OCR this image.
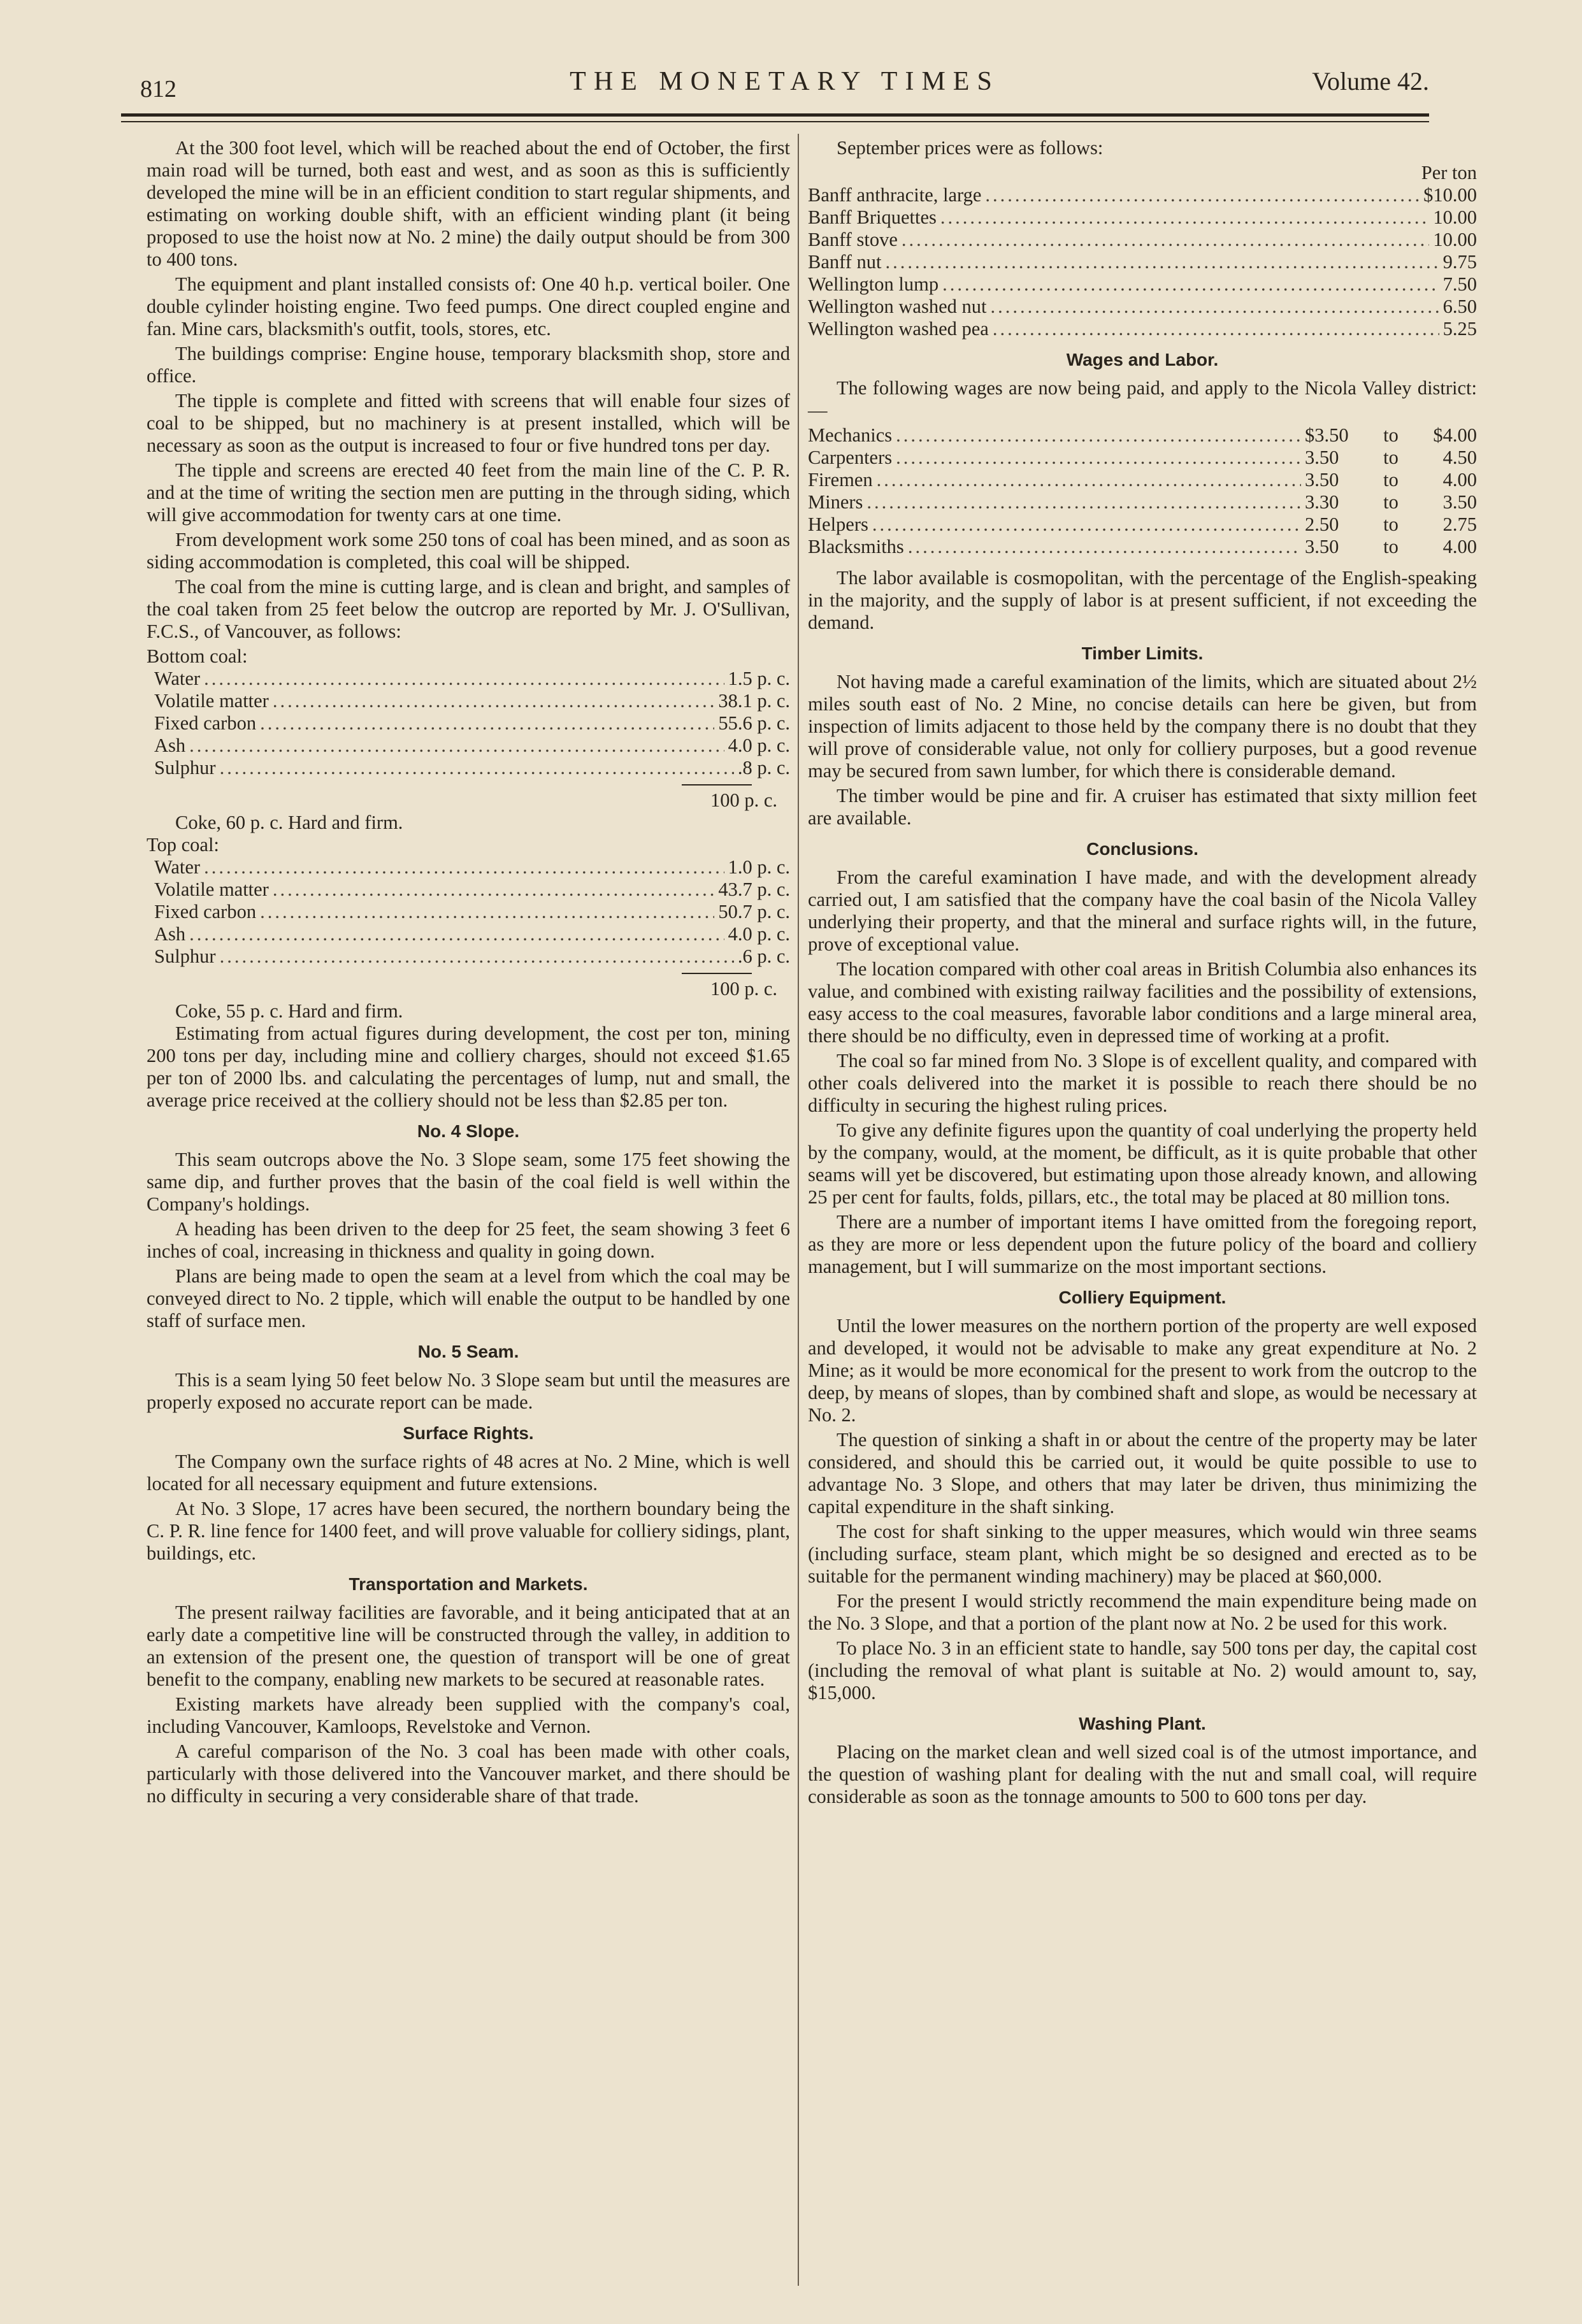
812	THE MONETARY TIMES	Volume 42.

At the 300 foot level, which will be reached about the end of October, the first main road will be turned, both east and west, and as soon as this is sufficiently developed the mine will be in an efficient condition to start regular shipments, and estimating on working double shift, with an efficient winding plant (it being proposed to use the hoist now at No. 2 mine) the daily output should be from 300 to 400 tons.

The equipment and plant installed consists of: One 40 h.p. vertical boiler. One double cylinder hoisting engine. Two feed pumps. One direct coupled engine and fan. Mine cars, blacksmith's outfit, tools, stores, etc.

The buildings comprise: Engine house, temporary blacksmith shop, store and office.

The tipple is complete and fitted with screens that will enable four sizes of coal to be shipped, but no machinery is at present installed, which will be necessary as soon as the output is increased to four or five hundred tons per day.

The tipple and screens are erected 40 feet from the main line of the C. P. R. and at the time of writing the section men are putting in the through siding, which will give accommodation for twenty cars at one time.

From development work some 250 tons of coal has been mined, and as soon as siding accommodation is completed, this coal will be shipped.

The coal from the mine is cutting large, and is clean and bright, and samples of the coal taken from 25 feet below the outcrop are reported by Mr. J. O'Sullivan, F.C.S., of Vancouver, as follows:

Bottom coal:
Water .....	1.5 p. c.
Volatile matter .....	38.1 p. c.
Fixed carbon .....	55.6 p. c.
Ash .....	4.0 p. c.
Sulphur .....	.8 p. c.
100 p. c.
Coke, 60 p. c. Hard and firm.
Top coal:
Water .....	1.0 p. c.
Volatile matter .....	43.7 p. c.
Fixed carbon .....	50.7 p. c.
Ash .....	4.0 p. c.
Sulphur .....	.6 p. c.
100 p. c.
Coke, 55 p. c. Hard and firm.

Estimating from actual figures during development, the cost per ton, mining 200 tons per day, including mine and colliery charges, should not exceed $1.65 per ton of 2000 lbs. and calculating the percentages of lump, nut and small, the average price received at the colliery should not be less than $2.85 per ton.

No. 4 Slope.

This seam outcrops above the No. 3 Slope seam, some 175 feet showing the same dip, and further proves that the basin of the coal field is well within the Company's holdings.

A heading has been driven to the deep for 25 feet, the seam showing 3 feet 6 inches of coal, increasing in thickness and quality in going down.

Plans are being made to open the seam at a level from which the coal may be conveyed direct to No. 2 tipple, which will enable the output to be handled by one staff of surface men.

No. 5 Seam.

This is a seam lying 50 feet below No. 3 Slope seam but until the measures are properly exposed no accurate report can be made.

Surface Rights.

The Company own the surface rights of 48 acres at No. 2 Mine, which is well located for all necessary equipment and future extensions.

At No. 3 Slope, 17 acres have been secured, the northern boundary being the C. P. R. line fence for 1400 feet, and will prove valuable for colliery sidings, plant, buildings, etc.

Transportation and Markets.

The present railway facilities are favorable, and it being anticipated that at an early date a competitive line will be constructed through the valley, in addition to an extension of the present one, the question of transport will be one of great benefit to the company, enabling new markets to be secured at reasonable rates.

Existing markets have already been supplied with the company's coal, including Vancouver, Kamloops, Revelstoke and Vernon.

A careful comparison of the No. 3 coal has been made with other coals, particularly with those delivered into the Vancouver market, and there should be no difficulty in securing a very considerable share of that trade.

September prices were as follows:

Per ton
Banff anthracite, large .....	$10.00
Banff Briquettes .....	10.00
Banff stove .....	10.00
Banff nut .....	9.75
Wellington lump .....	7.50
Wellington washed nut .....	6.50
Wellington washed pea .....	5.25
Wages and Labor.

The following wages are now being paid, and apply to the Nicola Valley district:—

Mechanics .....	$3.50	to	$4.00
Carpenters .....	3.50	to	4.50
Firemen .....	3.50	to	4.00
Miners .....	3.30	to	3.50
Helpers .....	2.50	to	2.75
Blacksmiths .....	3.50	to	4.00

The labor available is cosmopolitan, with the percentage of the English-speaking in the majority, and the supply of labor is at present sufficient, if not exceeding the demand.

Timber Limits.

Not having made a careful examination of the limits, which are situated about 2½ miles south east of No. 2 Mine, no concise details can here be given, but from inspection of limits adjacent to those held by the company there is no doubt that they will prove of considerable value, not only for colliery purposes, but a good revenue may be secured from sawn lumber, for which there is considerable demand.

The timber would be pine and fir. A cruiser has estimated that sixty million feet are available.

Conclusions.

From the careful examination I have made, and with the development already carried out, I am satisfied that the company have the coal basin of the Nicola Valley underlying their property, and that the mineral and surface rights will, in the future, prove of exceptional value.

The location compared with other coal areas in British Columbia also enhances its value, and combined with existing railway facilities and the possibility of extensions, easy access to the coal measures, favorable labor conditions and a large mineral area, there should be no difficulty, even in depressed time of working at a profit.

The coal so far mined from No. 3 Slope is of excellent quality, and compared with other coals delivered into the market it is possible to reach there should be no difficulty in securing the highest ruling prices.

To give any definite figures upon the quantity of coal underlying the property held by the company, would, at the moment, be difficult, as it is quite probable that other seams will yet be discovered, but estimating upon those already known, and allowing 25 per cent for faults, folds, pillars, etc., the total may be placed at 80 million tons.

There are a number of important items I have omitted from the foregoing report, as they are more or less dependent upon the future policy of the board and colliery management, but I will summarize on the most important sections.

Colliery Equipment.

Until the lower measures on the northern portion of the property are well exposed and developed, it would not be advisable to make any great expenditure at No. 2 Mine; as it would be more economical for the present to work from the outcrop to the deep, by means of slopes, than by combined shaft and slope, as would be necessary at No. 2.

The question of sinking a shaft in or about the centre of the property may be later considered, and should this be carried out, it would be quite possible to use to advantage No. 3 Slope, and others that may later be driven, thus minimizing the capital expenditure in the shaft sinking.

The cost for shaft sinking to the upper measures, which would win three seams (including surface, steam plant, which might be so designed and erected as to be suitable for the permanent winding machinery) may be placed at $60,000.

For the present I would strictly recommend the main expenditure being made on the No. 3 Slope, and that a portion of the plant now at No. 2 be used for this work.

To place No. 3 in an efficient state to handle, say 500 tons per day, the capital cost (including the removal of what plant is suitable at No. 2) would amount to, say, $15,000.

Washing Plant.

Placing on the market clean and well sized coal is of the utmost importance, and the question of washing plant for dealing with the nut and small coal, will require considerable as soon as the tonnage amounts to 500 to 600 tons per day.
